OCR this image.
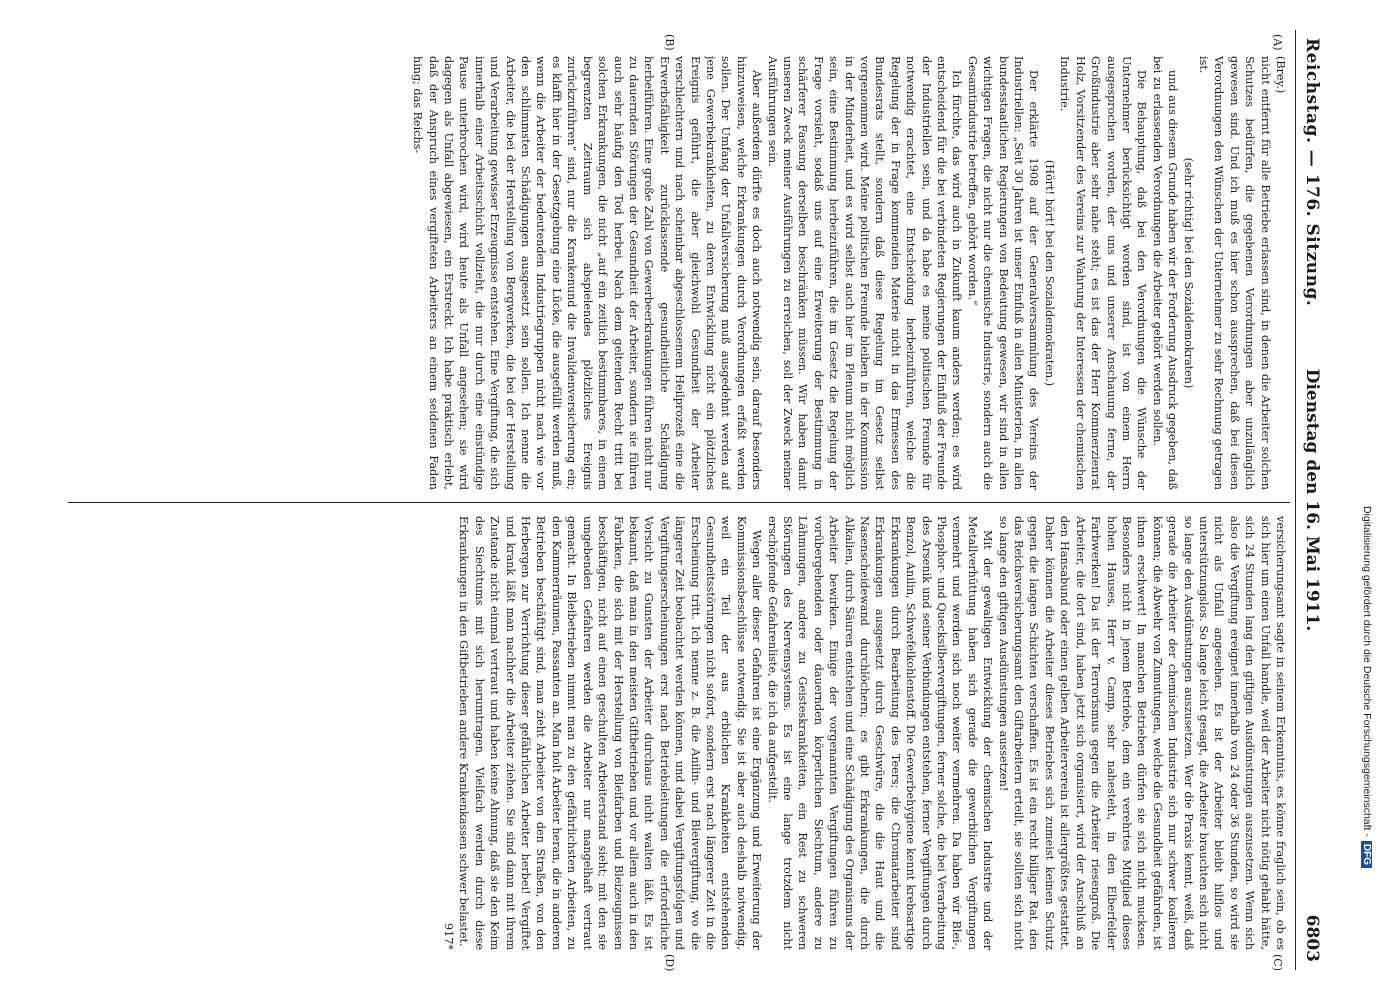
Reichstag. — 176. Sitzung.
Dienstag den 16. Mai 1911.
6803
(A)
(B)
(C)
(D)

(Brey.)

nicht entfernt für alle Betriebe erlassen sind, in denen die Arbeiter solchen Schutzes bedürfen, die gegebenen Verordnungen aber unzulänglich gewesen sind. Und ich muß es hier schon aussprechen, daß bei diesen Verordnungen den Wünschen der Unternehmer zu sehr Rechnung getragen ist.

(sehr richtig! bei den Sozialdemokraten)

und aus diesem Grunde haben wir der Forderung Ausdruck gegeben, daß bei zu erlassenden Verordnungen die Arbeiter gehört werden sollen.

Die Behauptung, daß bei den Verordnungen die Wünsche der Unternehmer berücksichtigt worden sind, ist von einem Herrn ausgesprochen worden, der uns und unserer Anschauung ferne, der Großindustrie aber sehr nahe steht; es ist das der Herr Kommerzienrat Holz, Vorsitzender des Vereins zur Wahrung der Interessen der chemischen Industrie.

(Hört! hört! bei den Sozialdemokraten.)

Der erklärte 1908 auf der Generalversammlung des Vereins der Industriellen: „Seit 30 Jahren ist unser Einfluß in allen Ministerien, in allen bundesstaatlichen Regierungen von Bedeutung gewesen, wir sind in allen wichtigen Fragen, die nicht nur die chemische Industrie, sondern auch die Gesamtindustrie betreffen, gehört worden.“

Ich fürchte, das wird auch in Zukunft kaum anders werden; es wird entscheidend für die bei verbindeten Regierungen der Einfluß der Freunde der Industriellen sein, und da habe es meine politischen Freunde für notwendig erachtet, eine Entscheidung herbeizuführen, welche die Regelung der in Frage kommenden Materie nicht in das Ermessen des Bundesrats stellt, sondern daß diese Regelung im Gesetz selbst vorgenommen wird. Meine politischen Freunde bleiben in der Kommission in der Minderheit, und es wird selbst auch hier im Plenum nicht möglich sein, eine Bestimmung herbeizuführen, die im Gesetz die Regelung der Frage vorsieht, sodaß uns auf eine Erweiterung der Bestimmung in schärferer Fassung derselben beschränken müssen. Wir haben damit unseren Zweck meiner Ausführungen zu erreichen, soll der Zweck meiner Ausführungen sein.

Aber außerdem dürfte es doch auch notwendig sein, darauf besonders hinzuweisen, welche Erkrankungen durch Verordnungen erfaßt werden sollen. Der Umfang der Unfallversicherung muß ausgedehnt werden auf jene Gewerbekrankheiten, zu deren Entwicklung nicht ein plötzliches Ereignis geführt, die aber gleichwohl Gesundheit der Arbeiter verschlechtern und nach scheinbar abgeschlossenem Heilprozeß eine die Erwerbsfähigkeit zurücklassende gesundheitliche Schädigung herbeiführen. Eine große Zahl von Gewerbeerkrankungen führen nicht nur zu dauernden Störungen der Gesundheit der Arbeiter, sondern sie führen auch sehr häufig den Tod herbei. Nach dem geltenden Recht tritt bei solchen Erkrankungen, die nicht „auf ein zeitlich bestimmbares, in einem begrenzten Zeitraum sich abspielendes plötzliches Ereignis zurückzuführen“ sind, nur die Krankenund die Invalidenversicherung ein; es klafft hier in der Gesetzgebung eine Lücke, die ausgefüllt werden muß, wenn die Arbeiter der bedeutenden Industriegruppen nicht nach wie vor den schlimmsten Schädigungen ausgesetzt sein sollen. Ich nenne die Arbeiter, die bei der Herstellung von Bergwerken, die bei der Herstellung und Verarbeitung gewisser Erzeugnisse entstehen. Eine Vergiftung, die sich innerhalb einer Arbeitsschicht vollzieht, die nur durch eine einstündige Pause unterbrochen wird, wird heute als Unfall angesehen; sie wird dagegen als Unfall abgewiesen, ein Erstreckt. Ich habe praktisch erlebt, daß der Anspruch eines vergifteten Arbeiters an einem seidenen Faden hing; das Reichs-

versicherungsamt sagte in seinem Erkenntnis, es könne fraglich sein, ob es sich hier um einen Unfall handle, weil der Arbeiter nicht nötig gehabt hätte, sich 24 Stunden lang den giftigen Ausdünstungen auszusetzen. Wenn sich also die Vergiftung ereignet innerhalb von 24 oder 36 Stunden, so wird sie nicht als Unfall angesehen. Es ist der Arbeiter bleibt hilflos und unterstützungslos. So lange leicht gesagt, die Arbeiter brauchten sich nicht so lange den Ausdünstungen auszusetzen. Wer die Praxis kennt, weiß, daß gerade die Arbeiter der chemischen Industrie sich nur schwer koalieren können; die Abwehr von Zumutungen, welche die Gesundheit gefährden, ist ihnen erschwert! In manchen Betrieben dürfen sie sich nicht mucksen. Besonders nicht in jenem Betriebe, dem ein verehrtes Mitglied dieses hohen Hauses, Herr v. Camp, sehr nahesteht, in den Elberfelder Farbwerken! Da ist der Terrorismus gegen die Arbeiter riesengroß. Die Arbeiter, die dort sind, haben jetzt sich organisiert, wird der Anschluß an den Hansabund oder einen gelben Arbeiterverein ist allergrößtes gestattet. Daher können die Arbeiter dieses Betriebes sich zumeist keinen Schutz gegen die langen Schichten verschaffen. Es ist ein recht billiger Rat, den das Reichsversicherungsamt den Giftarbeitern erteilt, sie sollten sich nicht so lange den giftigen Ausdünstungen aussetzen!

Mit der gewaltigen Entwicklung der chemischen Industrie und der Metallverhüttung haben sich gerade die gewerblichen Vergiftungen vermehrt und werden sich noch weiter vermehren. Da haben wir Blei-, Phosphor- und Quecksilbervergiftungen, ferner solche, die bei Verarbeitung des Arsenik und seiner Verbindungen entstehen, ferner Vergiftungen durch Benzol, Anilin, Schwefelkohlenstoff. Die Gewerbehygiene kennt krebsartige Erkrankungen durch Bearbeitung des Teers; die Chromatarbeiter sind Erkrankungen ausgesetzt durch Geschwüre, die die Haut und die Nasenscheidewand durchlöchern; es gibt Erkrankungen, die durch Alkalien, durch Säuren entstehen und eine Schädigung des Organismus der Arbeiter bewirken. Einige der vorgenannten Vergiftungen führen zu vorübergehenden oder dauernden körperlichen Siechtum, andere zu Lähmungen, andere zu Geisteskrankheiten, ein Rest zu schweren Störungen des Nervensystems. Es ist eine lange trotzdem nicht erschöpfende Gefahrenliste, die ich da aufgestellt.

Wegen aller dieser Gefahren ist eine Ergänzung und Erweiterung der Kommissionsbeschlüsse notwendig. Sie ist aber auch deshalb notwendig, weil ein Teil der aus erblichen Krankheiten entstehenden Gesundheitsstörungen nicht sofort, sondern erst nach längerer Zeit in die Erscheinung tritt. Ich nenne z. B. die Anilin- und Bleivergiftung, wo die längerer Zeit beobachtet werden können, und dabei Vergiftungsfolgen und Vergiftungserscheinungen erst nach Betriebsleitungen die erforderliche Vorsicht zu Gunsten der Arbeiter durchaus nicht walten läßt. Es ist bekannt, daß man in den meisten Giftbetrieben und vor allem auch in den Fabriken, die sich mit der Herstellung von Bleifarben und Bleizeugnissen beschäftigen, nicht auf einen geschulten Arbeiterstand sieht; mit den sie umgebenden Gefahren werden die Arbeiter nur mangelhaft vertraut gemacht. In Bleibetrieben nimmt man zu den gefährlichsten Arbeiten, zu den Kammerräumen, Passanten an. Man holt Arbeiter heran, die in anderen Betrieben beschäftigt sind, man zieht Arbeiter von den Straßen, von den Herbergen zur Verrichtung dieser gefährlichen Arbeiter herbei! Vergiftet und krank läßt man nachher die Arbeiter ziehen. Sie sind dann mit ihrem Zustande nicht einmal vertraut und haben keine Ahnung, daß sie den Keim des Siechtums mit sich herumtragen. Vielfach werden durch diese Erkrankungen in den Giftbetrieben andere Krankenkassen schwer belastet.

917*

Digitalisierung gefördert durch die Deutsche Forschungsgemeinschaft -DFG
